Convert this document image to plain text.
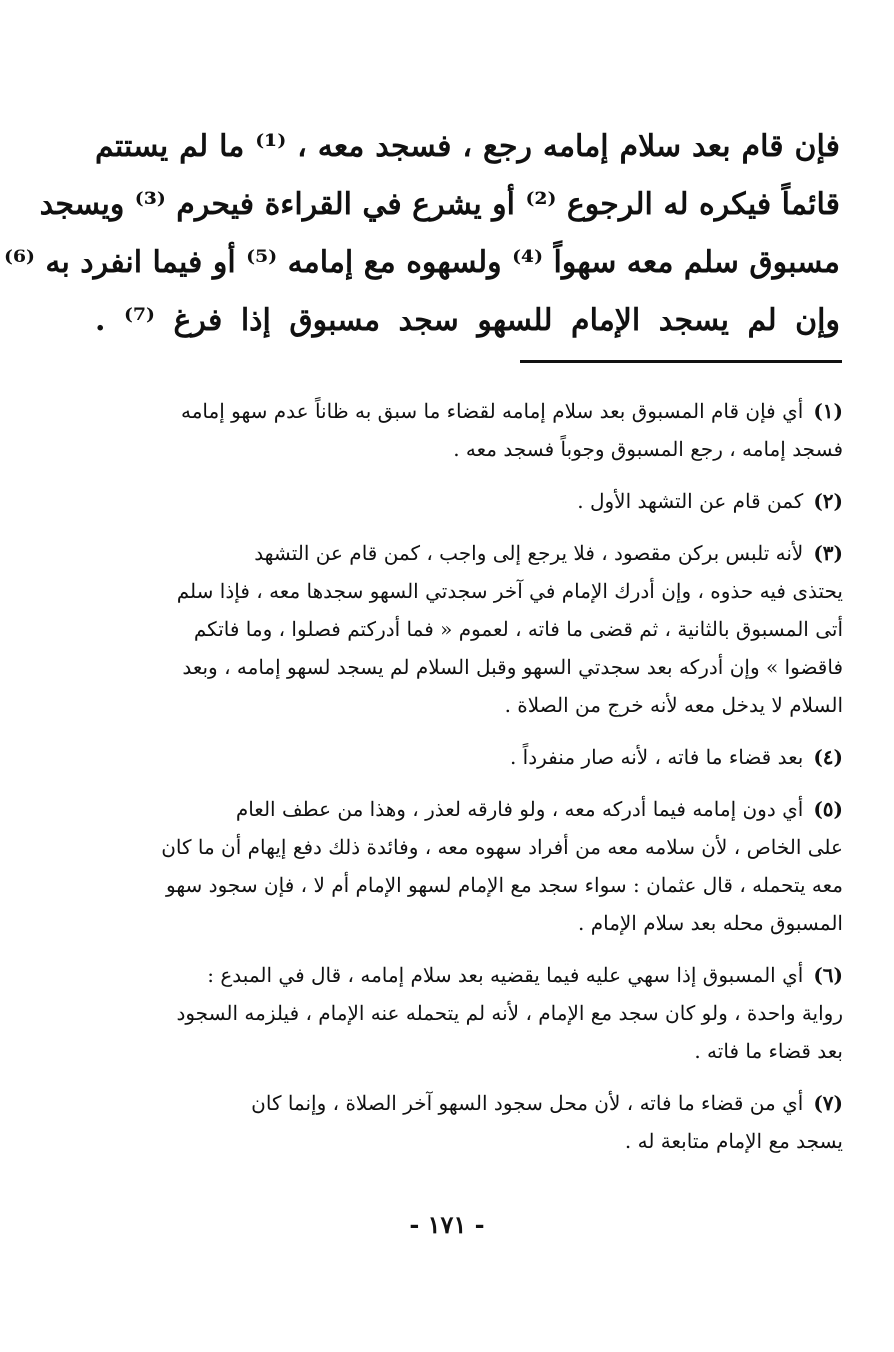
فإن قام بعد سلام إمامه رجع ، فسجد معه ، ⁽¹⁾ ما لم يستتم
قائماً فيكره له الرجوع ⁽²⁾ أو يشرع في القراءة فيحرم ⁽³⁾ ويسجد
مسبوق سلم معه سهواً ⁽⁴⁾ ولسهوه مع إمامه ⁽⁵⁾ أو فيما انفرد به ⁽⁶⁾
وإن لم يسجد الإمام للسهو سجد مسبوق إذا فرغ ⁽⁷⁾ .

(١)أي فإن قام المسبوق بعد سلام إمامه لقضاء ما سبق به ظاناً عدم سهو إمامه
فسجد إمامه ، رجع المسبوق وجوباً فسجد معه .

(٢)كمن قام عن التشهد الأول .

(٣)لأنه تلبس بركن مقصود ، فلا يرجع إلى واجب ، كمن قام عن التشهد
يحتذى فيه حذوه ، وإن أدرك الإمام في آخر سجدتي السهو سجدها معه ، فإذا سلم
أتى المسبوق بالثانية ، ثم قضى ما فاته ، لعموم « فما أدركتم فصلوا ، وما فاتكم
فاقضوا » وإن أدركه بعد سجدتي السهو وقبل السلام لم يسجد لسهو إمامه ، وبعد
السلام لا يدخل معه لأنه خرج من الصلاة .

(٤)بعد قضاء ما فاته ، لأنه صار منفرداً .

(٥)أي دون إمامه فيما أدركه معه ، ولو فارقه لعذر ، وهذا من عطف العام
على الخاص ، لأن سلامه معه من أفراد سهوه معه ، وفائدة ذلك دفع إيهام أن ما كان
معه يتحمله ، قال عثمان : سواء سجد مع الإمام لسهو الإمام أم لا ، فإن سجود سهو
المسبوق محله بعد سلام الإمام .

(٦)أي المسبوق إذا سهي عليه فيما يقضيه بعد سلام إمامه ، قال في المبدع :
رواية واحدة ، ولو كان سجد مع الإمام ، لأنه لم يتحمله عنه الإمام ، فيلزمه السجود
بعد قضاء ما فاته .

(٧)أي من قضاء ما فاته ، لأن محل سجود السهو آخر الصلاة ، وإنما كان
يسجد مع الإمام متابعة له .

- ١٧١ -
